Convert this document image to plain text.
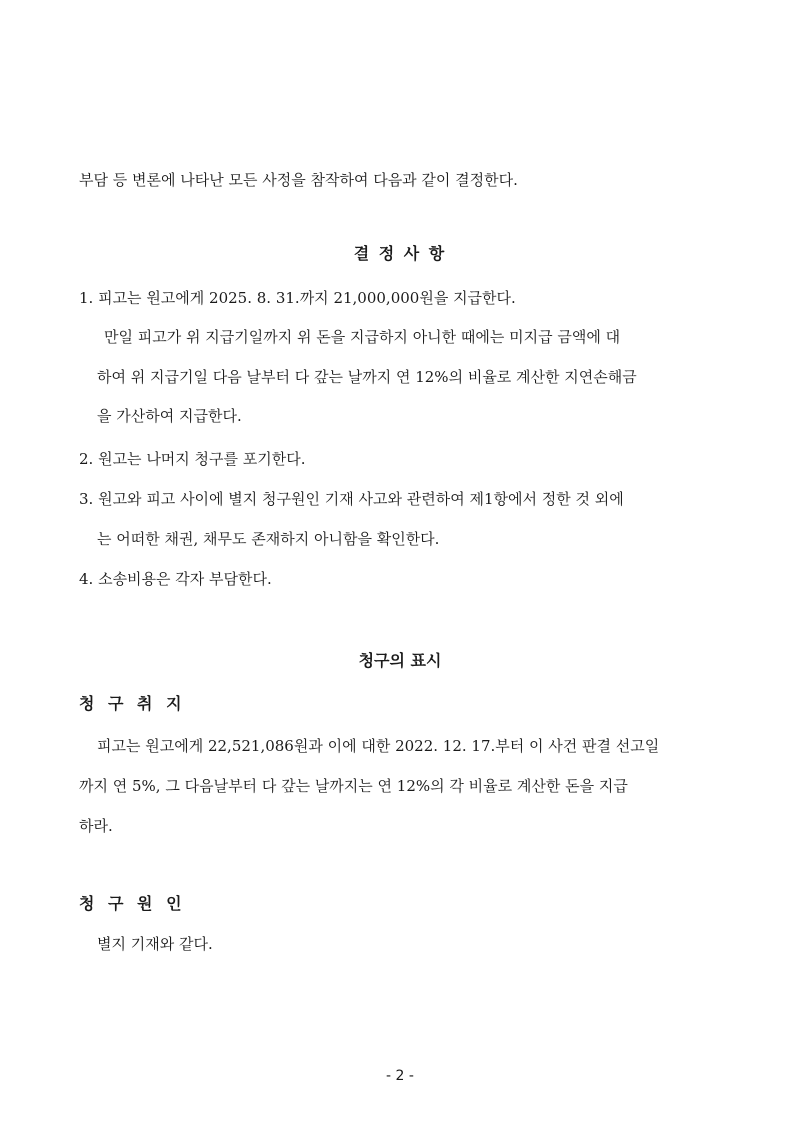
부담 등 변론에 나타난 모든 사정을 참작하여 다음과 같이 결정한다.
결 정 사 항
1. 피고는 원고에게 2025. 8. 31.까지 21,000,000원을 지급한다.
만일 피고가 위 지급기일까지 위 돈을 지급하지 아니한 때에는 미지급 금액에 대
하여 위 지급기일 다음 날부터 다 갚는 날까지 연 12%의 비율로 계산한 지연손해금
을 가산하여 지급한다.
2. 원고는 나머지 청구를 포기한다.
3. 원고와 피고 사이에 별지 청구원인 기재 사고와 관련하여 제1항에서 정한 것 외에
는 어떠한 채권, 채무도 존재하지 아니함을 확인한다.
4. 소송비용은 각자 부담한다.
청구의 표시
청 구 취 지
피고는 원고에게 22,521,086원과 이에 대한 2022. 12. 17.부터 이 사건 판결 선고일
까지 연 5%, 그 다음날부터 다 갚는 날까지는 연 12%의 각 비율로 계산한 돈을 지급
하라.
청 구 원 인
별지 기재와 같다.
- 2 -
